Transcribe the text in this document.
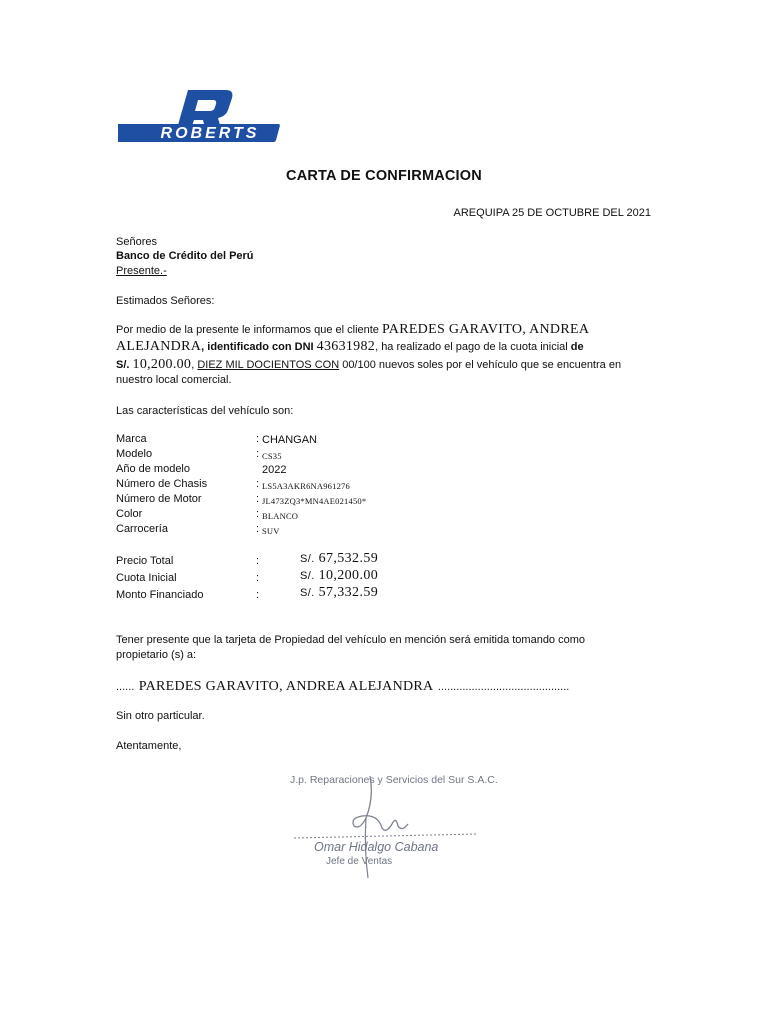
ROBERTS
CARTA DE CONFIRMACION
AREQUIPA 25 DE OCTUBRE DEL 2021
Señores
Banco de Crédito del Perú
Presente.-
Estimados Señores:
Por medio de la presente le informamos que el cliente PAREDES GARAVITO, ANDREA
ALEJANDRA, identificado con DNI 43631982, ha realizado el pago de la cuota inicial de
S/. 10,200.00, DIEZ MIL DOCIENTOS CON 00/100 nuevos soles por el vehículo que se encuentra en
nuestro local comercial.
Las características del vehículo son:
Marca	: CHANGAN
Modelo	: CS35
Año de modelo	2022
Número de Chasis	: LS5A3AKR6NA961276
Número de Motor	: JL473ZQ3*MN4AE021450*
Color	: BLANCO
Carrocería	: SUV
Precio Total	:	S/. 67,532.59
Cuota Inicial	:	S/. 10,200.00
Monto Financiado	:	S/. 57,332.59
Tener presente que la tarjeta de Propiedad del vehículo en mención será emitida tomando como
propietario (s) a:
...... PAREDES GARAVITO, ANDREA ALEJANDRA ...........................................
Sin otro particular.
Atentamente,
J.p. Reparaciones y Servicios del Sur S.A.C.
Omar Hidalgo Cabana
Jefe de Ventas
